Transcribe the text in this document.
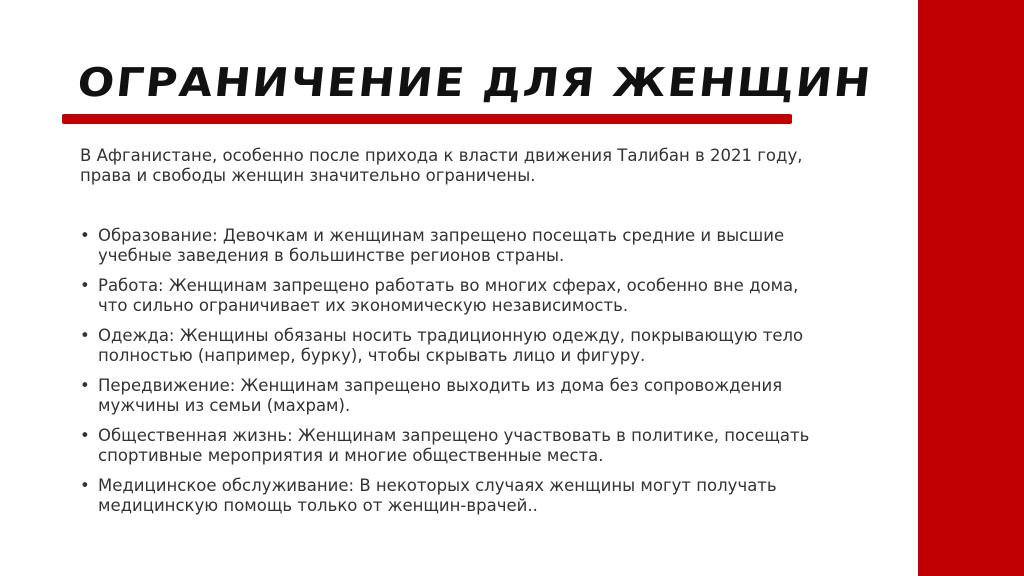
ОГРАНИЧЕНИЕ ДЛЯ ЖЕНЩИН

В Афганистане, особенно после прихода к власти движения Талибан в 2021 году,
права и свободы женщин значительно ограничены.

• Образование: Девочкам и женщинам запрещено посещать средние и высшие
учебные заведения в большинстве регионов страны.
• Работа: Женщинам запрещено работать во многих сферах, особенно вне дома,
что сильно ограничивает их экономическую независимость.
• Одежда: Женщины обязаны носить традиционную одежду, покрывающую тело
полностью (например, бурку), чтобы скрывать лицо и фигуру.
• Передвижение: Женщинам запрещено выходить из дома без сопровождения
мужчины из семьи (махрам).
• Общественная жизнь: Женщинам запрещено участвовать в политике, посещать
спортивные мероприятия и многие общественные места.
• Медицинское обслуживание: В некоторых случаях женщины могут получать
медицинскую помощь только от женщин-врачей..
